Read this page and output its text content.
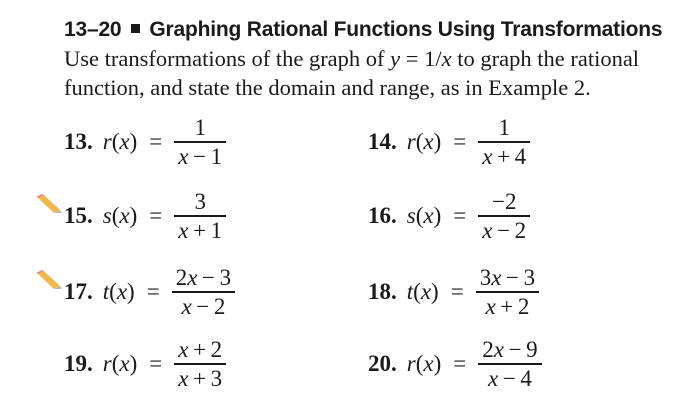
13–20 Graphing Rational Functions Using Transformations
Use transformations of the graph of y = 1/x to graph the rational function, and state the domain and range, as in Example 2.
13. $r(x) = \frac{1}{x - 1}$	14. $r(x) = \frac{1}{x + 4}$
15. $s(x) = \frac{3}{x + 1}$	16. $s(x) = \frac{-2}{x - 2}$
17. $t(x) = \frac{2x - 3}{x - 2}$	18. $t(x) = \frac{3x - 3}{x + 2}$
19. $r(x) = \frac{x + 2}{x + 3}$	20. $r(x) = \frac{2x - 9}{x - 4}$
